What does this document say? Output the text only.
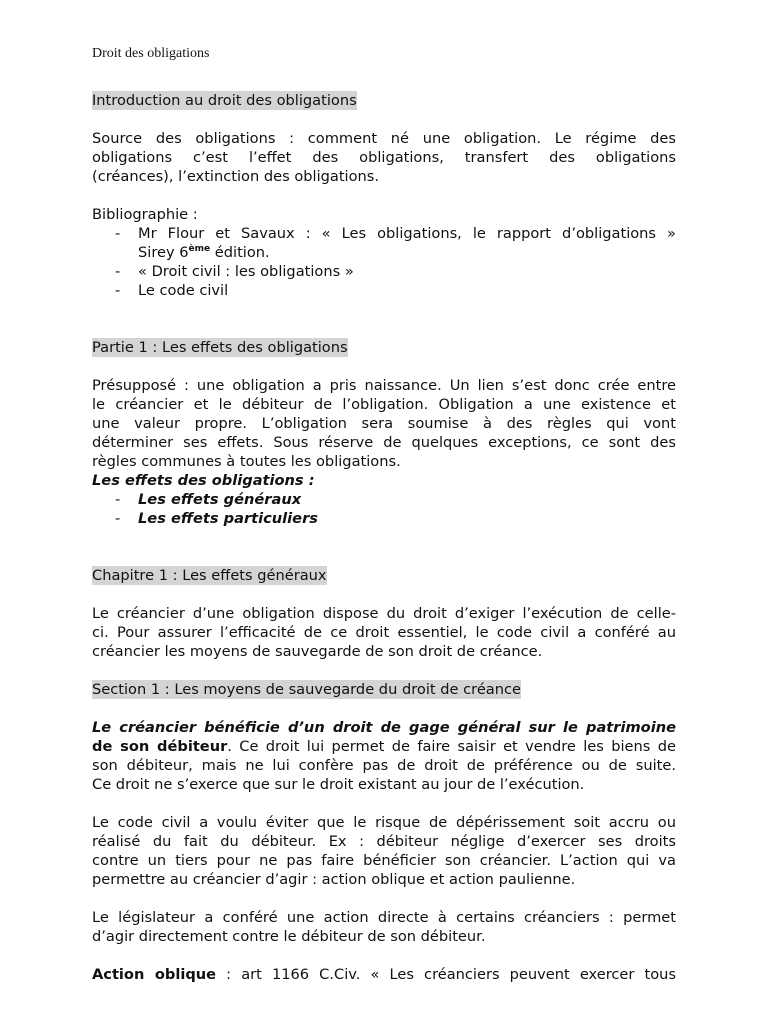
Droit des obligations
Introduction au droit des obligations
Source des obligations : comment né une obligation. Le régime des
obligations c’est l’effet des obligations, transfert des obligations
(créances), l’extinction des obligations.
Bibliographie :
- Mr Flour et Savaux : « Les obligations, le rapport d’obligations »
Sirey 6ème édition.
- « Droit civil : les obligations »
- Le code civil
Partie 1 : Les effets des obligations
Présupposé : une obligation a pris naissance. Un lien s’est donc crée entre
le créancier et le débiteur de l’obligation. Obligation a une existence et
une valeur propre. L’obligation sera soumise à des règles qui vont
déterminer ses effets. Sous réserve de quelques exceptions, ce sont des
règles communes à toutes les obligations.
Les effets des obligations :
- Les effets généraux
- Les effets particuliers
Chapitre 1 : Les effets généraux
Le créancier d’une obligation dispose du droit d’exiger l’exécution de celle-
ci. Pour assurer l’efficacité de ce droit essentiel, le code civil a conféré au
créancier les moyens de sauvegarde de son droit de créance.
Section 1 : Les moyens de sauvegarde du droit de créance
Le créancier bénéficie d’un droit de gage général sur le patrimoine
de son débiteur. Ce droit lui permet de faire saisir et vendre les biens de
son débiteur, mais ne lui confère pas de droit de préférence ou de suite.
Ce droit ne s’exerce que sur le droit existant au jour de l’exécution.
Le code civil a voulu éviter que le risque de dépérissement soit accru ou
réalisé du fait du débiteur. Ex : débiteur néglige d’exercer ses droits
contre un tiers pour ne pas faire bénéficier son créancier. L’action qui va
permettre au créancier d’agir : action oblique et action paulienne.
Le législateur a conféré une action directe à certains créanciers : permet
d’agir directement contre le débiteur de son débiteur.
Action oblique : art 1166 C.Civ. « Les créanciers peuvent exercer tous
